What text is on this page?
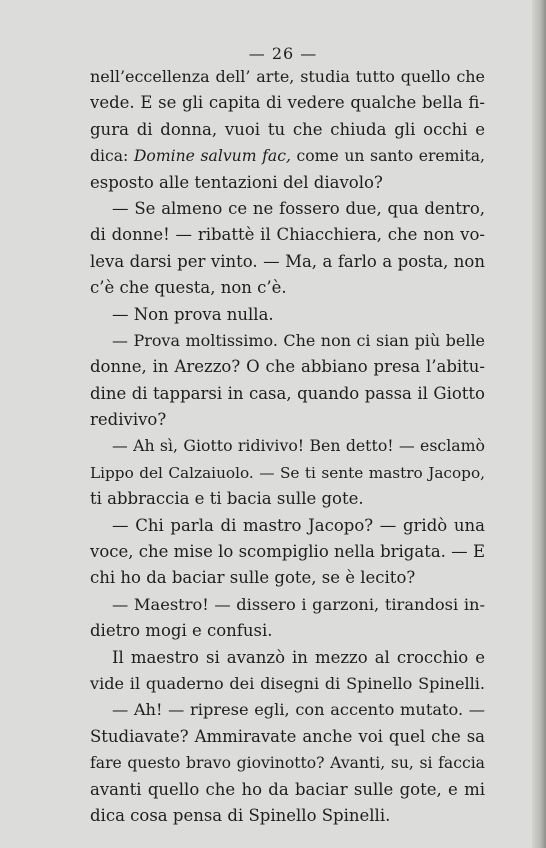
— 26 —
nell’eccellenza dell’ arte, studia tutto quello che
vede. E se gli capita di vedere qualche bella fi-
gura di donna, vuoi tu che chiuda gli occhi e
dica: Domine salvum fac, come un santo eremita,
esposto alle tentazioni del diavolo?
— Se almeno ce ne fossero due, qua dentro,
di donne! — ribattè il Chiacchiera, che non vo-
leva darsi per vinto. — Ma, a farlo a posta, non
c’è che questa, non c’è.
— Non prova nulla.
— Prova moltissimo. Che non ci sian più belle
donne, in Arezzo? O che abbiano presa l’abitu-
dine di tapparsi in casa, quando passa il Giotto
redivivo?
— Ah sì, Giotto ridivivo! Ben detto! — esclamò
Lippo del Calzaiuolo. — Se ti sente mastro Jacopo,
ti abbraccia e ti bacia sulle gote.
— Chi parla di mastro Jacopo? — gridò una
voce, che mise lo scompiglio nella brigata. — E
chi ho da baciar sulle gote, se è lecito?
— Maestro! — dissero i garzoni, tirandosi in-
dietro mogi e confusi.
Il maestro si avanzò in mezzo al crocchio e
vide il quaderno dei disegni di Spinello Spinelli.
— Ah! — riprese egli, con accento mutato. —
Studiavate? Ammiravate anche voi quel che sa
fare questo bravo giovinotto? Avanti, su, si faccia
avanti quello che ho da baciar sulle gote, e mi
dica cosa pensa di Spinello Spinelli.
